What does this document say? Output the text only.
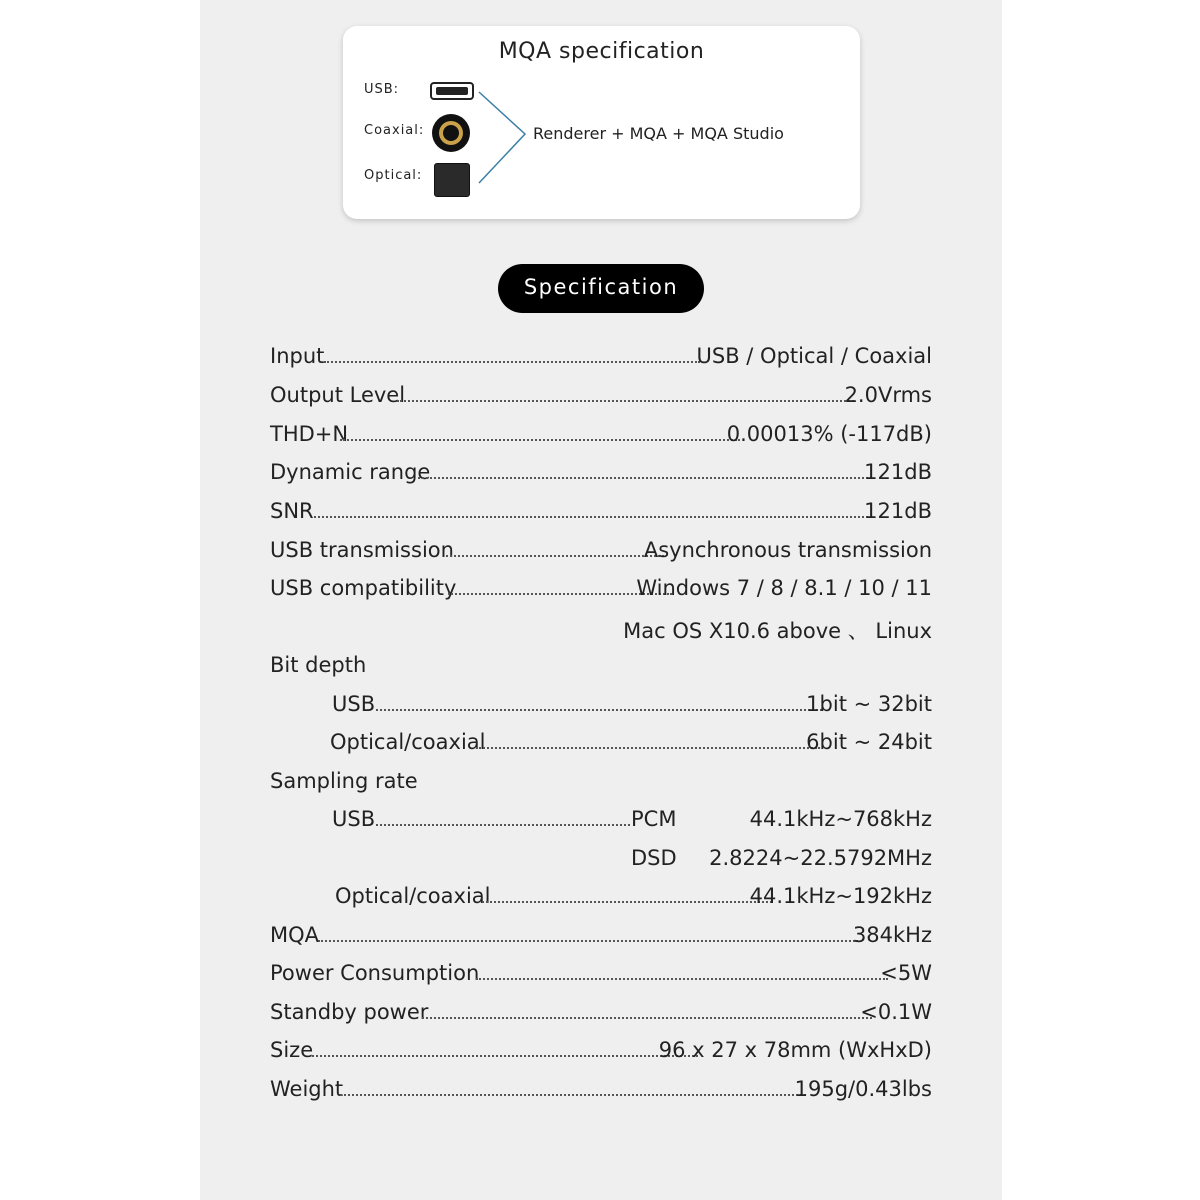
MQA specification
USB:
Coaxial:
Optical:
Renderer + MQA + MQA Studio
Specification
Input	USB / Optical / Coaxial
Output Level	2.0Vrms
THD+N	0.00013% (-117dB)
Dynamic range	121dB
SNR	121dB
USB transmission	Asynchronous transmission
USB compatibility	Windows 7 / 8 / 8.1 / 10 / 11
Mac OS X10.6 above 、 Linux
Bit depth
USB	1bit ~ 32bit
Optical/coaxial	6bit ~ 24bit
Sampling rate
USB	PCM	44.1kHz~768kHz
DSD 2.8224~22.5792MHz
Optical/coaxial	44.1kHz~192kHz
MQA	384kHz
Power Consumption	<5W
Standby power	<0.1W
Size	96 x 27 x 78mm (WxHxD)
Weight	195g/0.43lbs
